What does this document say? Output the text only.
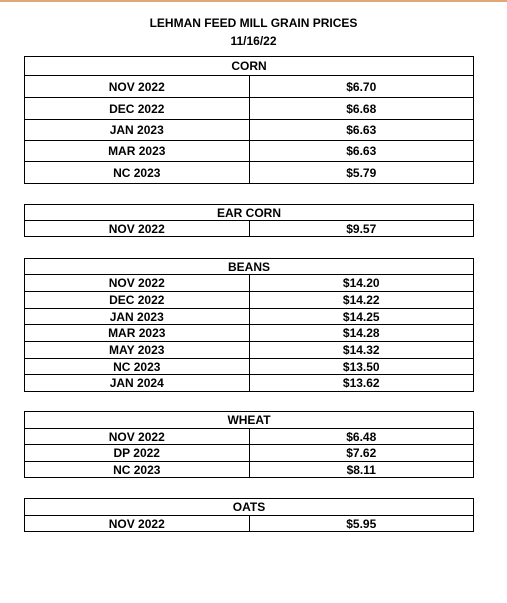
LEHMAN FEED MILL GRAIN PRICES
11/16/22
CORN	
NOV 2022	$6.70
DEC 2022	$6.68
JAN 2023	$6.63
MAR 2023	$6.63
NC 2023	$5.79
EAR CORN
NOV 2022	$9.57
BEANS	
NOV 2022	$14.20
DEC 2022	$14.22
JAN 2023	$14.25
MAR 2023	$14.28
MAY 2023	$14.32
NC 2023	$13.50
JAN 2024	$13.62
WHEAT	
NOV 2022	$6.48
DP 2022	$7.62
NC 2023	$8.11
OATS
NOV 2022	$5.95
